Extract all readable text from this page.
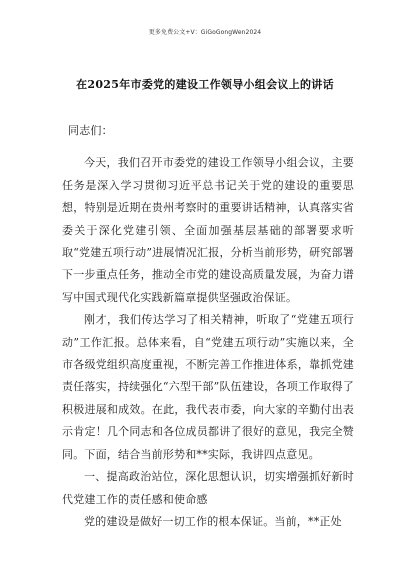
更多免费公文+V：GiGoGongWen2024
在2025年市委党的建设工作领导小组会议上的讲话

同志们：

今天，我们召开市委党的建设工作领导小组会议，主要任务是深入学习贯彻习近平总书记关于党的建设的重要思想，特别是近期在贵州考察时的重要讲话精神，认真落实省委关于深化党建引领、全面加强基层基础的部署要求听取“党建五项行动”进展情况汇报，分析当前形势，研究部署下一步重点任务，推动全市党的建设高质量发展，为奋力谱写中国式现代化实践新篇章提供坚强政治保证。

刚才，我们传达学习了相关精神，听取了“党建五项行动”工作汇报。总体来看，自“党建五项行动”实施以来，全市各级党组织高度重视，不断完善工作推进体系，靠抓党建责任落实，持续强化“六型干部”队伍建设，各项工作取得了积极进展和成效。在此，我代表市委，向大家的辛勤付出表示肯定！几个同志和各位成员都讲了很好的意见，我完全赞同。下面，结合当前形势和**实际，我讲四点意见。

一、提高政治站位，深化思想认识，切实增强抓好新时代党建工作的责任感和使命感

党的建设是做好一切工作的根本保证。当前，**正处
